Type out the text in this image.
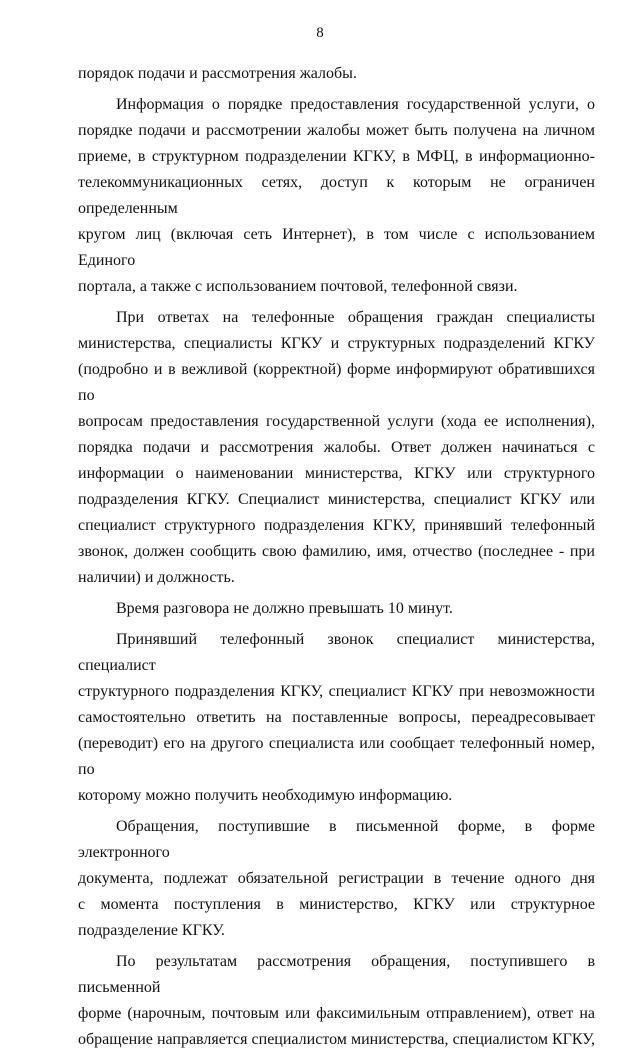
8

порядок подачи и рассмотрения жалобы.

Информация о порядке предоставления государственной услуги, о
порядке подачи и рассмотрении жалобы может быть получена на личном
приеме, в структурном подразделении КГКУ, в МФЦ, в информационно-
телекоммуникационных сетях, доступ к которым не ограничен определенным
кругом лиц (включая сеть Интернет), в том числе с использованием Единого
портала, а также с использованием почтовой, телефонной связи.

При ответах на телефонные обращения граждан специалисты
министерства, специалисты КГКУ и структурных подразделений КГКУ
(подробно и в вежливой (корректной) форме информируют обратившихся по
вопросам предоставления государственной услуги (хода ее исполнения),
порядка подачи и рассмотрения жалобы. Ответ должен начинаться с
информации о наименовании министерства, КГКУ или структурного
подразделения КГКУ. Специалист министерства, специалист КГКУ или
специалист структурного подразделения КГКУ, принявший телефонный
звонок, должен сообщить свою фамилию, имя, отчество (последнее - при
наличии) и должность.

Время разговора не должно превышать 10 минут.

Принявший телефонный звонок специалист министерства, специалист
структурного подразделения КГКУ, специалист КГКУ при невозможности
самостоятельно ответить на поставленные вопросы, переадресовывает
(переводит) его на другого специалиста или сообщает телефонный номер, по
которому можно получить необходимую информацию.

Обращения, поступившие в письменной форме, в форме электронного
документа, подлежат обязательной регистрации в течение одного дня
с момента поступления в министерство, КГКУ или структурное
подразделение КГКУ.

По результатам рассмотрения обращения, поступившего в письменной
форме (нарочным, почтовым или факсимильным отправлением), ответ на
обращение направляется специалистом министерства, специалистом КГКУ,
